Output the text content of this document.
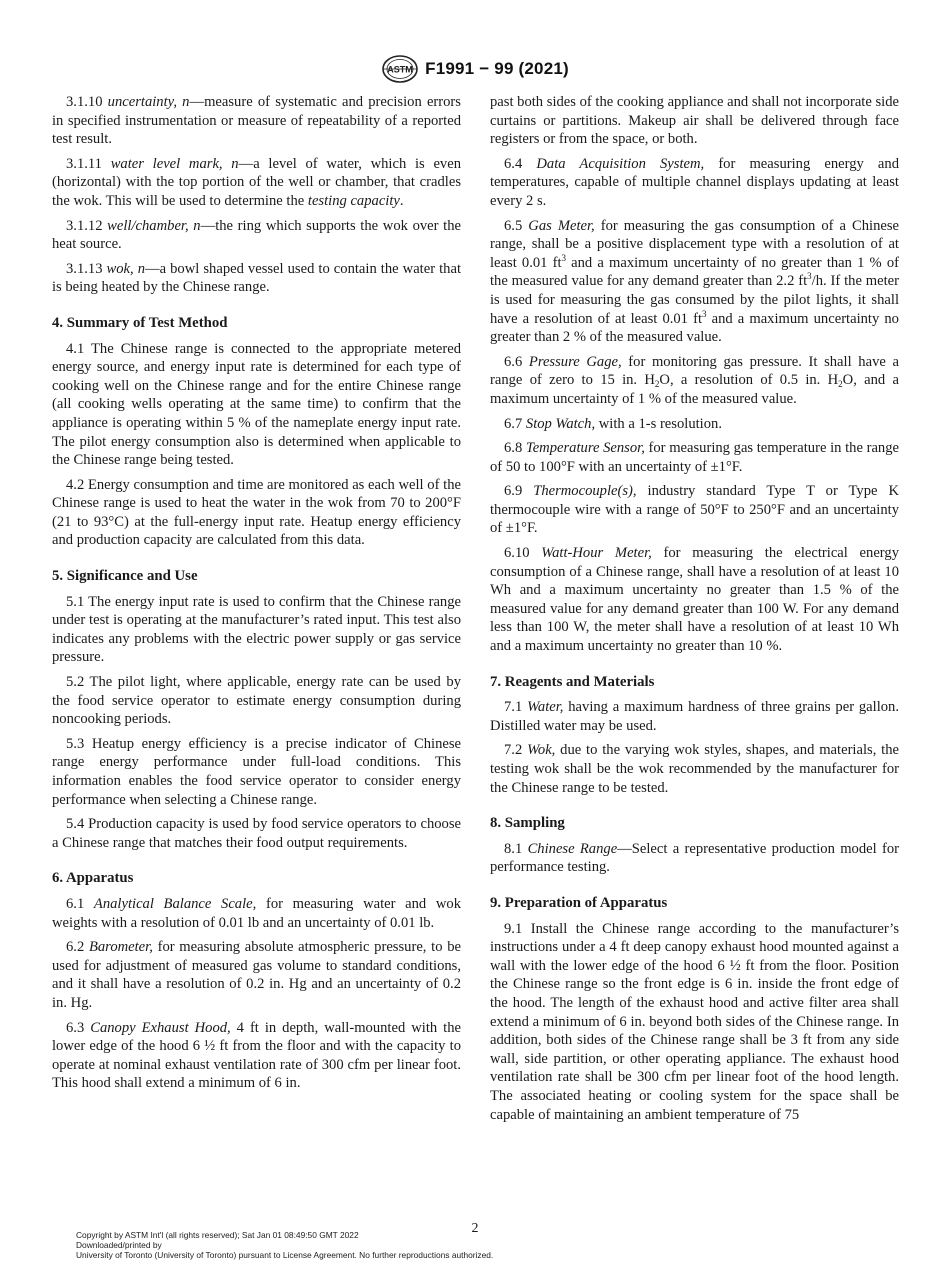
ASTM F1991 − 99 (2021)

3.1.10 uncertainty, n—measure of systematic and precision errors in specified instrumentation or measure of repeatability of a reported test result.

3.1.11 water level mark, n—a level of water, which is even (horizontal) with the top portion of the well or chamber, that cradles the wok. This will be used to determine the testing capacity.

3.1.12 well/chamber, n—the ring which supports the wok over the heat source.

3.1.13 wok, n—a bowl shaped vessel used to contain the water that is being heated by the Chinese range.

4. Summary of Test Method

4.1 The Chinese range is connected to the appropriate metered energy source, and energy input rate is determined for each type of cooking well on the Chinese range and for the entire Chinese range (all cooking wells operating at the same time) to confirm that the appliance is operating within 5 % of the nameplate energy input rate. The pilot energy consumption also is determined when applicable to the Chinese range being tested.

4.2 Energy consumption and time are monitored as each well of the Chinese range is used to heat the water in the wok from 70 to 200°F (21 to 93°C) at the full-energy input rate. Heatup energy efficiency and production capacity are calculated from this data.

5. Significance and Use

5.1 The energy input rate is used to confirm that the Chinese range under test is operating at the manufacturer’s rated input. This test also indicates any problems with the electric power supply or gas service pressure.

5.2 The pilot light, where applicable, energy rate can be used by the food service operator to estimate energy consumption during noncooking periods.

5.3 Heatup energy efficiency is a precise indicator of Chinese range energy performance under full-load conditions. This information enables the food service operator to consider energy performance when selecting a Chinese range.

5.4 Production capacity is used by food service operators to choose a Chinese range that matches their food output requirements.

6. Apparatus

6.1 Analytical Balance Scale, for measuring water and wok weights with a resolution of 0.01 lb and an uncertainty of 0.01 lb.

6.2 Barometer, for measuring absolute atmospheric pressure, to be used for adjustment of measured gas volume to standard conditions, and it shall have a resolution of 0.2 in. Hg and an uncertainty of 0.2 in. Hg.

6.3 Canopy Exhaust Hood, 4 ft in depth, wall-mounted with the lower edge of the hood 6 ½ ft from the floor and with the capacity to operate at nominal exhaust ventilation rate of 300 cfm per linear foot. This hood shall extend a minimum of 6 in.

past both sides of the cooking appliance and shall not incorporate side curtains or partitions. Makeup air shall be delivered through face registers or from the space, or both.

6.4 Data Acquisition System, for measuring energy and temperatures, capable of multiple channel displays updating at least every 2 s.

6.5 Gas Meter, for measuring the gas consumption of a Chinese range, shall be a positive displacement type with a resolution of at least 0.01 $ft^3$ and a maximum uncertainty of no greater than 1 % of the measured value for any demand greater than 2.2 $ft^3/h$. If the meter is used for measuring the gas consumed by the pilot lights, it shall have a resolution of at least 0.01 $ft^3$ and a maximum uncertainty no greater than 2 % of the measured value.

6.6 Pressure Gage, for monitoring gas pressure. It shall have a range of zero to 15 in. $H_2O$, a resolution of 0.5 in. $H_2O$, and a maximum uncertainty of 1 % of the measured value.

6.7 Stop Watch, with a 1-s resolution.

6.8 Temperature Sensor, for measuring gas temperature in the range of 50 to 100°F with an uncertainty of ±1°F.

6.9 Thermocouple(s), industry standard Type T or Type K thermocouple wire with a range of 50°F to 250°F and an uncertainty of ±1°F.

6.10 Watt-Hour Meter, for measuring the electrical energy consumption of a Chinese range, shall have a resolution of at least 10 Wh and a maximum uncertainty no greater than 1.5 % of the measured value for any demand greater than 100 W. For any demand less than 100 W, the meter shall have a resolution of at least 10 Wh and a maximum uncertainty no greater than 10 %.

7. Reagents and Materials

7.1 Water, having a maximum hardness of three grains per gallon. Distilled water may be used.

7.2 Wok, due to the varying wok styles, shapes, and materials, the testing wok shall be the wok recommended by the manufacturer for the Chinese range to be tested.

8. Sampling

8.1 Chinese Range—Select a representative production model for performance testing.

9. Preparation of Apparatus

9.1 Install the Chinese range according to the manufacturer’s instructions under a 4 ft deep canopy exhaust hood mounted against a wall with the lower edge of the hood 6 ½ ft from the floor. Position the Chinese range so the front edge is 6 in. inside the front edge of the hood. The length of the exhaust hood and active filter area shall extend a minimum of 6 in. beyond both sides of the Chinese range. In addition, both sides of the Chinese range shall be 3 ft from any side wall, side partition, or other operating appliance. The exhaust hood ventilation rate shall be 300 cfm per linear foot of the hood length. The associated heating or cooling system for the space shall be capable of maintaining an ambient temperature of 75

2
Copyright by ASTM Int'l (all rights reserved); Sat Jan 01 08:49:50 GMT 2022
Downloaded/printed by
University of Toronto (University of Toronto) pursuant to License Agreement. No further reproductions authorized.
